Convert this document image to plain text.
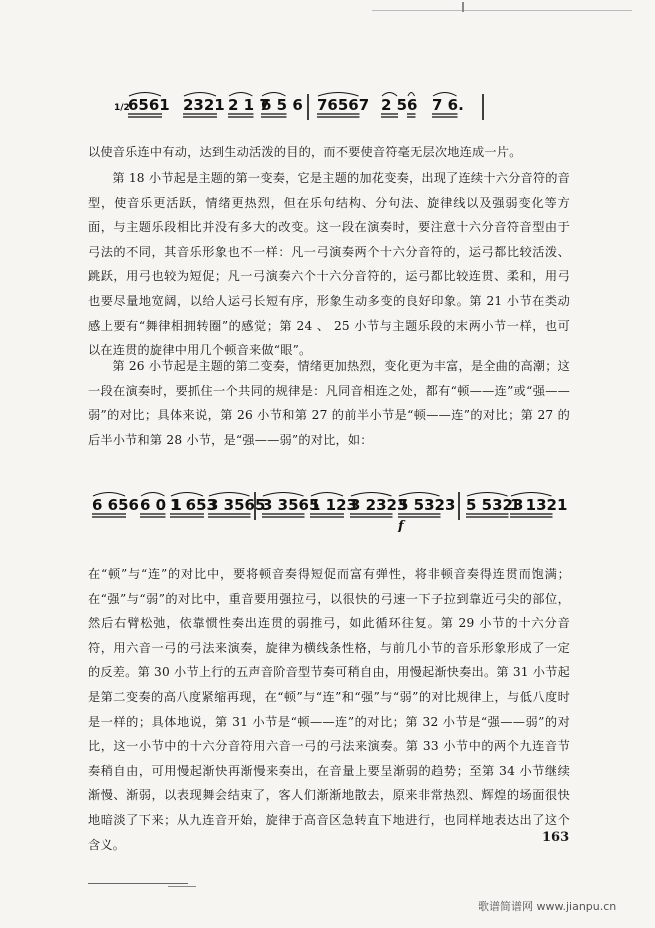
1/2
6561 2321 2 1 7
6 5 6 76567 2 5 6 7 6.

以使音乐连中有动，达到生动活泼的目的，而不要使音符毫无层次地连成一片。

第 18 小节起是主题的第一变奏，它是主题的加花变奏，出现了连续十六分音符的音型，使音乐更活跃，情绪更热烈，但在乐句结构、分句法、旋律线以及强弱变化等方面，与主题乐段相比并没有多大的改变。这一段在演奏时，要注意十六分音符音型由于弓法的不同，其音乐形象也不一样：凡一弓演奏两个十六分音符的，运弓都比较活泼、跳跃，用弓也较为短促；凡一弓演奏六个十六分音符的，运弓都比较连贯、柔和，用弓也要尽量地宽阔，以给人运弓长短有序，形象生动多变的良好印象。第 21 小节在类动感上要有“舞律相拥转圈”的感觉；第 24 、 25 小节与主题乐段的末两小节一样，也可以在连贯的旋律中用几个顿音来做“眼”。

第 26 小节起是主题的第二变奏，情绪更加热烈，变化更为丰富，是全曲的高潮；这一段在演奏时，要抓住一个共同的规律是：凡同音相连之处，都有“顿——连”或“强——弱”的对比；具体来说，第 26 小节和第 27 的前半小节是“顿——连”的对比；第 27 的后半小节和第 28 小节，是“强——弱”的对比，如：

6 656 6 0 1
1 653
3 3565
3 3565
1 123
3 2323
5 5323 5 5323
1 1321
f

在“顿”与“连”的对比中，要将顿音奏得短促而富有弹性，将非顿音奏得连贯而饱满；在“强”与“弱”的对比中，重音要用强拉弓，以很快的弓速一下子拉到靠近弓尖的部位，然后右臂松弛，依靠惯性奏出连贯的弱推弓，如此循环往复。第 29 小节的十六分音符，用六音一弓的弓法来演奏，旋律为横线条性格，与前几小节的音乐形象形成了一定的反差。第 30 小节上行的五声音阶音型节奏可稍自由，用慢起渐快奏出。第 31 小节起是第二变奏的高八度紧缩再现，在“顿”与“连”和“强”与“弱”的对比规律上，与低八度时是一样的；具体地说，第 31 小节是“顿——连”的对比；第 32 小节是“强——弱”的对比，这一小节中的十六分音符用六音一弓的弓法来演奏。第 33 小节中的两个九连音节奏稍自由，可用慢起渐快再渐慢来奏出，在音量上要呈渐弱的趋势；至第 34 小节继续渐慢、渐弱，以表现舞会结束了，客人们渐渐地散去，原来非常热烈、辉煌的场面很快地暗淡了下来；从九连音开始，旋律于高音区急转直下地进行，也同样地表达出了这个含义。	163
歌谱简谱网 www.jianpu.cn
